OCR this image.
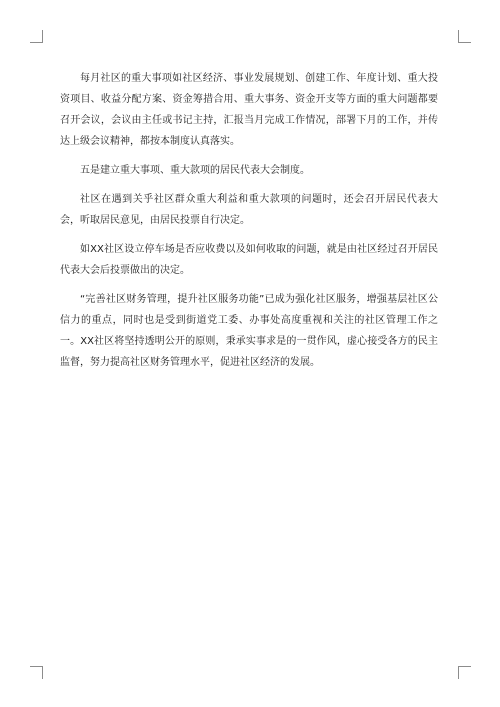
每月社区的重大事项如社区经济、事业发展规划、创建工作、年度计划、重大投资项目、收益分配方案、资金筹措合用、重大事务、资金开支等方面的重大问题都要召开会议，会议由主任或书记主持，汇报当月完成工作情况，部署下月的工作，并传达上级会议精神，都按本制度认真落实。

五是建立重大事项、重大款项的居民代表大会制度。

社区在遇到关乎社区群众重大利益和重大款项的问题时，还会召开居民代表大会，听取居民意见，由居民投票自行决定。

如XX社区设立停车场是否应收费以及如何收取的问题，就是由社区经过召开居民代表大会后投票做出的决定。

“完善社区财务管理，提升社区服务功能”已成为强化社区服务，增强基层社区公信力的重点，同时也是受到街道党工委、办事处高度重视和关注的社区管理工作之一。XX社区将坚持透明公开的原则，秉承实事求是的一贯作风，虚心接受各方的民主监督，努力提高社区财务管理水平，促进社区经济的发展。
